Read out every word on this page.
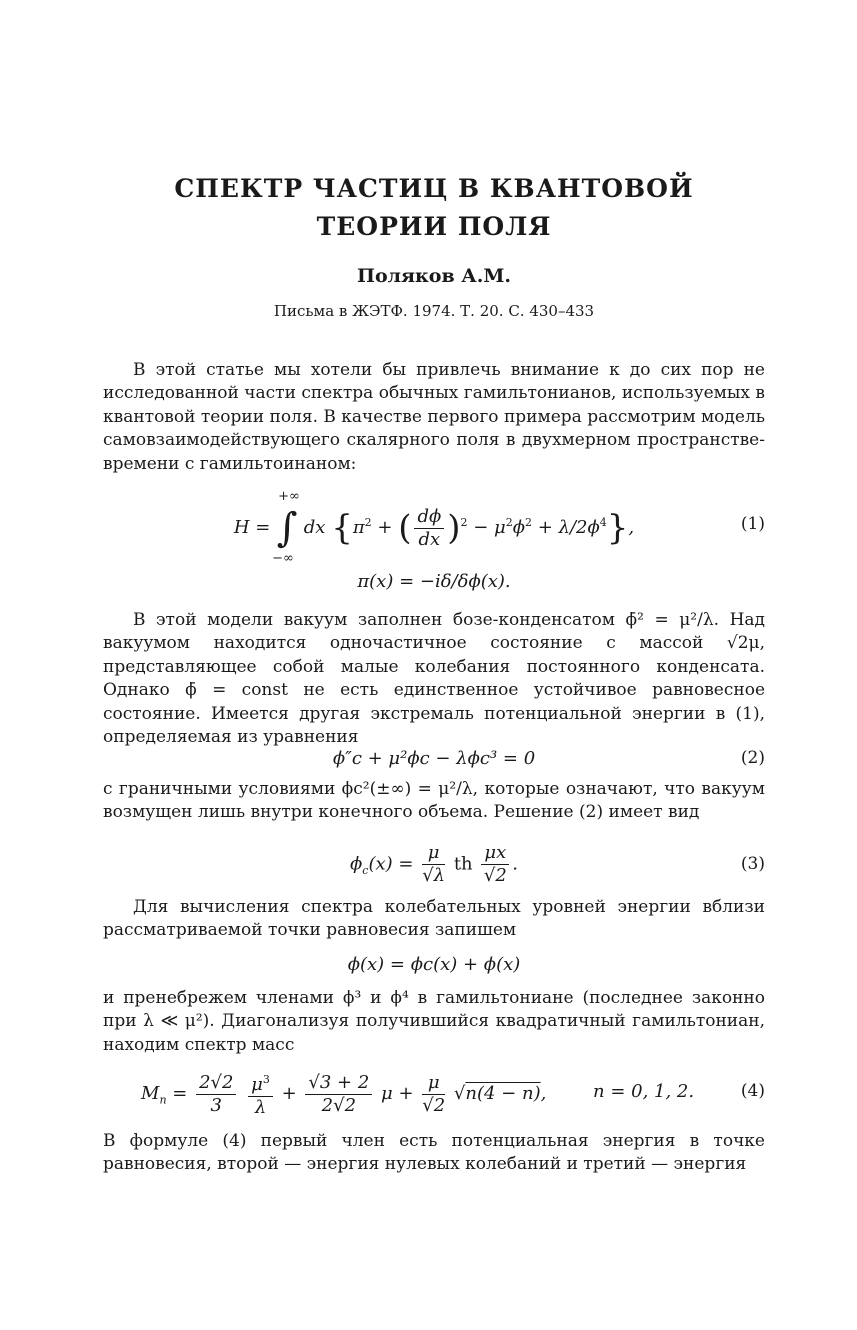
СПЕКТР ЧАСТИЦ В КВАНТОВОЙ
ТЕОРИИ ПОЛЯ
Поляков А.М.
Письма в ЖЭТФ. 1974. Т. 20. С. 430–433
В этой статье мы хотели бы привлечь внимание к до сих пор не исследованной части спектра обычных гамильтонианов, используемых в квантовой теории поля. В качестве первого примера рассмотрим модель самовзаимодействующего скалярного поля в двухмерном пространстве-времени с гамильтоинаном:
H = ∫
+∞
−∞
dx {$\pi^2$ + ( $\frac{d\phi}{dx} )^2 - \mu^2\phi^2 + \lambda/2\phi^4$},	(1)
π(x) = −iδ/δϕ(x).
В этой модели вакуум заполнен бозе-конденсатом ϕ̄² = μ²/λ. Над вакуумом находится одночастичное состояние с массой √2μ, представляющее собой малые колебания постоянного конденсата. Однако ϕ̄ = const не есть единственное устойчивое равновесное состояние. Имеется другая экстремаль потенциальной энергии в (1), определяемая из уравнения
ϕ″c + μ²ϕc − λϕc³ = 0	(2)
с граничными условиями ϕc²(±∞) = μ²/λ, которые означают, что вакуум возмущен лишь внутри конечного объема. Решение (2) имеет вид
$\phi_c(x) = \frac{\mu}{√\lambda}$ th $\frac{\mu x}{√2}$ .	(3)
Для вычисления спектра колебательных уровней энергии вблизи рассматриваемой точки равновесия запишем
ϕ(x) = ϕc(x) + ϕ(x)
и пренебрежем членами ϕ³ и ϕ⁴ в гамильтониане (последнее законно при λ ≪ μ²). Диагонализуя получившийся квадратичный гамильтониан, находим спектр масс
$M_n = \frac{2√2}{3}$
$\frac{\mu^3}{\lambda} + \frac{√3 + 2}{2√2}$ $\mu + \frac{\mu}{√2} √n(4 - n)$,	n = 0, 1, 2.	(4)
В формуле (4) первый член есть потенциальная энергия в точке равновесия, второй — энергия нулевых колебаний и третий — энергия
